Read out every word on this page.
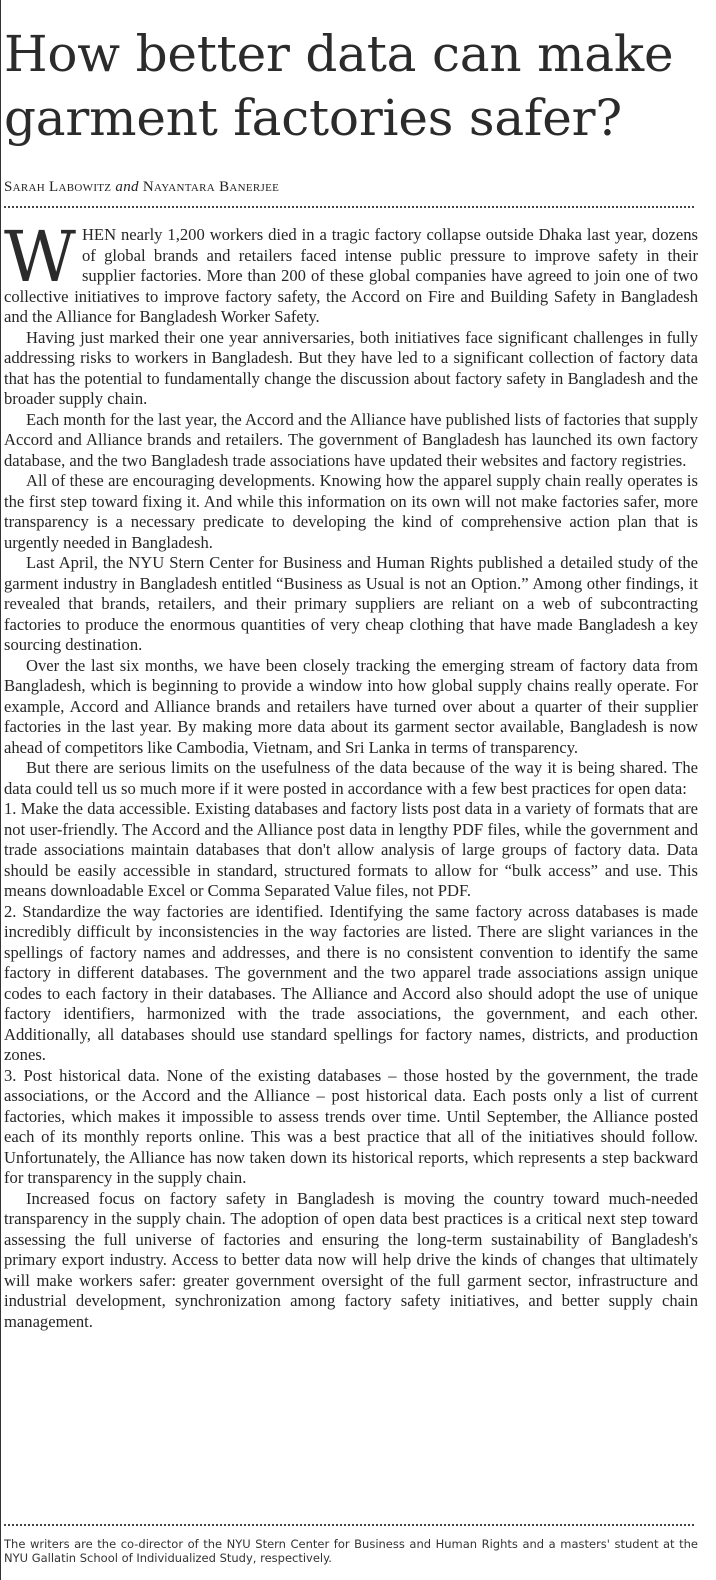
How better data can make garment factories safer?
Sarah Labowitz and Nayantara Banerjee

WHEN nearly 1,200 workers died in a tragic factory collapse outside Dhaka last year, dozens of global brands and retailers faced intense public pressure to improve safety in their supplier factories. More than 200 of these global companies have agreed to join one of two collective initiatives to improve factory safety, the Accord on Fire and Building Safety in Bangladesh and the Alliance for Bangladesh Worker Safety.

Having just marked their one year anniversaries, both initiatives face significant challenges in fully addressing risks to workers in Bangladesh. But they have led to a significant collection of factory data that has the potential to fundamentally change the discussion about factory safety in Bangladesh and the broader supply chain.

Each month for the last year, the Accord and the Alliance have published lists of factories that supply Accord and Alliance brands and retailers. The government of Bangladesh has launched its own factory database, and the two Bangladesh trade associations have updated their websites and factory registries.

All of these are encouraging developments. Knowing how the apparel supply chain really operates is the first step toward fixing it. And while this information on its own will not make factories safer, more transparency is a necessary predicate to developing the kind of comprehensive action plan that is urgently needed in Bangladesh.

Last April, the NYU Stern Center for Business and Human Rights published a detailed study of the garment industry in Bangladesh entitled “Business as Usual is not an Option.” Among other findings, it revealed that brands, retailers, and their primary suppliers are reliant on a web of subcontracting factories to produce the enormous quantities of very cheap clothing that have made Bangladesh a key sourcing destination.

Over the last six months, we have been closely tracking the emerging stream of factory data from Bangladesh, which is beginning to provide a window into how global supply chains really operate. For example, Accord and Alliance brands and retailers have turned over about a quarter of their supplier factories in the last year. By making more data about its garment sector available, Bangladesh is now ahead of competitors like Cambodia, Vietnam, and Sri Lanka in terms of transparency.

But there are serious limits on the usefulness of the data because of the way it is being shared. The data could tell us so much more if it were posted in accordance with a few best practices for open data:

1. Make the data accessible. Existing databases and factory lists post data in a variety of formats that are not user-friendly. The Accord and the Alliance post data in lengthy PDF files, while the government and trade associations maintain databases that don't allow analysis of large groups of factory data. Data should be easily accessible in standard, structured formats to allow for “bulk access” and use. This means downloadable Excel or Comma Separated Value files, not PDF.

2. Standardize the way factories are identified. Identifying the same factory across databases is made incredibly difficult by inconsistencies in the way factories are listed. There are slight variances in the spellings of factory names and addresses, and there is no consistent convention to identify the same factory in different databases. The government and the two apparel trade associations assign unique codes to each factory in their databases. The Alliance and Accord also should adopt the use of unique factory identifiers, harmonized with the trade associations, the government, and each other. Additionally, all databases should use standard spellings for factory names, districts, and production zones.

3. Post historical data. None of the existing databases – those hosted by the government, the trade associations, or the Accord and the Alliance – post historical data. Each posts only a list of current factories, which makes it impossible to assess trends over time. Until September, the Alliance posted each of its monthly reports online. This was a best practice that all of the initiatives should follow. Unfortunately, the Alliance has now taken down its historical reports, which represents a step backward for transparency in the supply chain.

Increased focus on factory safety in Bangladesh is moving the country toward much-needed transparency in the supply chain. The adoption of open data best practices is a critical next step toward assessing the full universe of factories and ensuring the long-term sustainability of Bangladesh's primary export industry. Access to better data now will help drive the kinds of changes that ultimately will make workers safer: greater government oversight of the full garment sector, infrastructure and industrial development, synchronization among factory safety initiatives, and better supply chain management.

The writers are the co-director of the NYU Stern Center for Business and Human Rights and a masters' student at the NYU Gallatin School of Individualized Study, respectively.
